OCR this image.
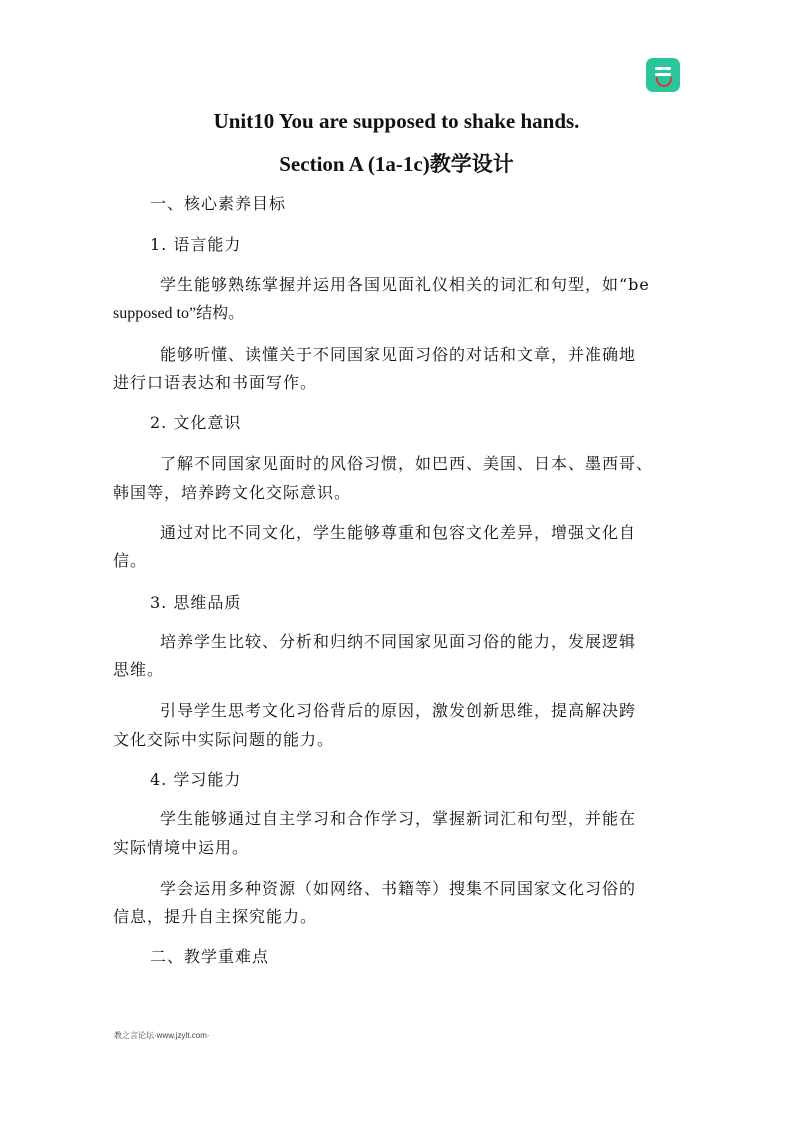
Unit10 You are supposed to shake hands.
Section A (1a-1c)教学设计

一、核心素养目标

1. 语言能力

学生能够熟练掌握并运用各国见面礼仪相关的词汇和句型，如“be

supposed to”结构。

能够听懂、读懂关于不同国家见面习俗的对话和文章，并准确地

进行口语表达和书面写作。

2. 文化意识

了解不同国家见面时的风俗习惯，如巴西、美国、日本、墨西哥、

韩国等，培养跨文化交际意识。

通过对比不同文化，学生能够尊重和包容文化差异，增强文化自

信。

3. 思维品质

培养学生比较、分析和归纳不同国家见面习俗的能力，发展逻辑

思维。

引导学生思考文化习俗背后的原因，激发创新思维，提高解决跨

文化交际中实际问题的能力。

4. 学习能力

学生能够通过自主学习和合作学习，掌握新词汇和句型，并能在

实际情境中运用。

学会运用多种资源（如网络、书籍等）搜集不同国家文化习俗的

信息，提升自主探究能力。

二、教学重难点

教之言论坛·www.jzylt.com·
